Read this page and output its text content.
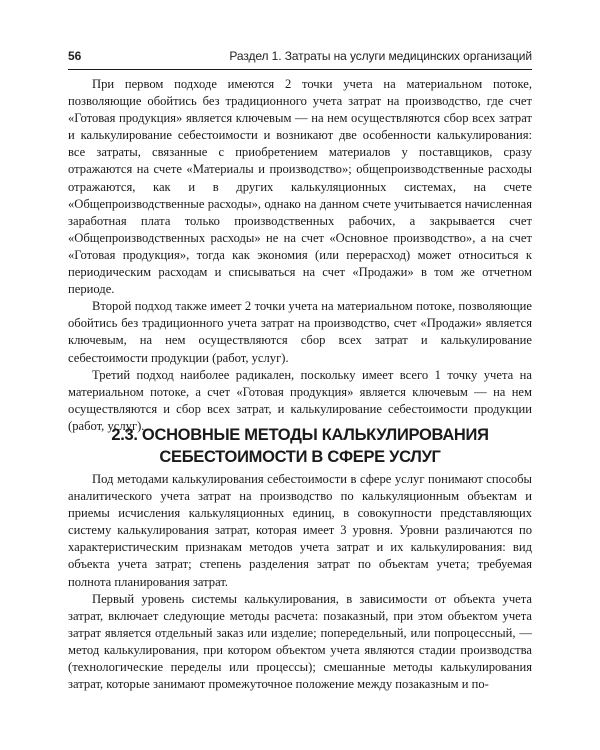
56	Раздел 1. Затраты на услуги медицинских организаций

При первом подходе имеются 2 точки учета на материальном потоке, позволяющие обойтись без традиционного учета затрат на производство, где счет «Готовая продукция» является ключевым — на нем осуществляются сбор всех затрат и калькулирование себестоимости и возникают две особенности калькулирования: все затраты, связанные с приобретением материалов у поставщиков, сразу отражаются на счете «Материалы и производство»; общепроизводственные расходы отражаются, как и в других калькуляционных системах, на счете «Общепроизводственные расходы», однако на данном счете учитывается начисленная заработная плата только производственных рабочих, а закрывается счет «Общепроизводственных расходы» не на счет «Основное производство», а на счет «Готовая продукция», тогда как экономия (или перерасход) может относиться к периодическим расходам и списываться на счет «Продажи» в том же отчетном периоде.

Второй подход также имеет 2 точки учета на материальном потоке, позволяющие обойтись без традиционного учета затрат на производство, счет «Продажи» является ключевым, на нем осуществляются сбор всех затрат и калькулирование себестоимости продукции (работ, услуг).

Третий подход наиболее радикален, поскольку имеет всего 1 точку учета на материальном потоке, а счет «Готовая продукция» является ключевым — на нем осуществляются и сбор всех затрат, и калькулирование себестоимости продукции (работ, услуг).

2.3. ОСНОВНЫЕ МЕТОДЫ КАЛЬКУЛИРОВАНИЯ
СЕБЕСТОИМОСТИ В СФЕРЕ УСЛУГ

Под методами калькулирования себестоимости в сфере услуг понимают способы аналитического учета затрат на производство по калькуляционным объектам и приемы исчисления калькуляционных единиц, в совокупности представляющих систему калькулирования затрат, которая имеет 3 уровня. Уровни различаются по характеристическим признакам методов учета затрат и их калькулирования: вид объекта учета затрат; степень разделения затрат по объектам учета; требуемая полнота планирования затрат.

Первый уровень системы калькулирования, в зависимости от объекта учета затрат, включает следующие методы расчета: позаказный, при этом объектом учета затрат является отдельный заказ или изделие; попередельный, или попроцессный, — метод калькулирования, при котором объектом учета являются стадии производства (технологические переделы или процессы); смешанные методы калькулирования затрат, которые занимают промежуточное положение между позаказным и по-
